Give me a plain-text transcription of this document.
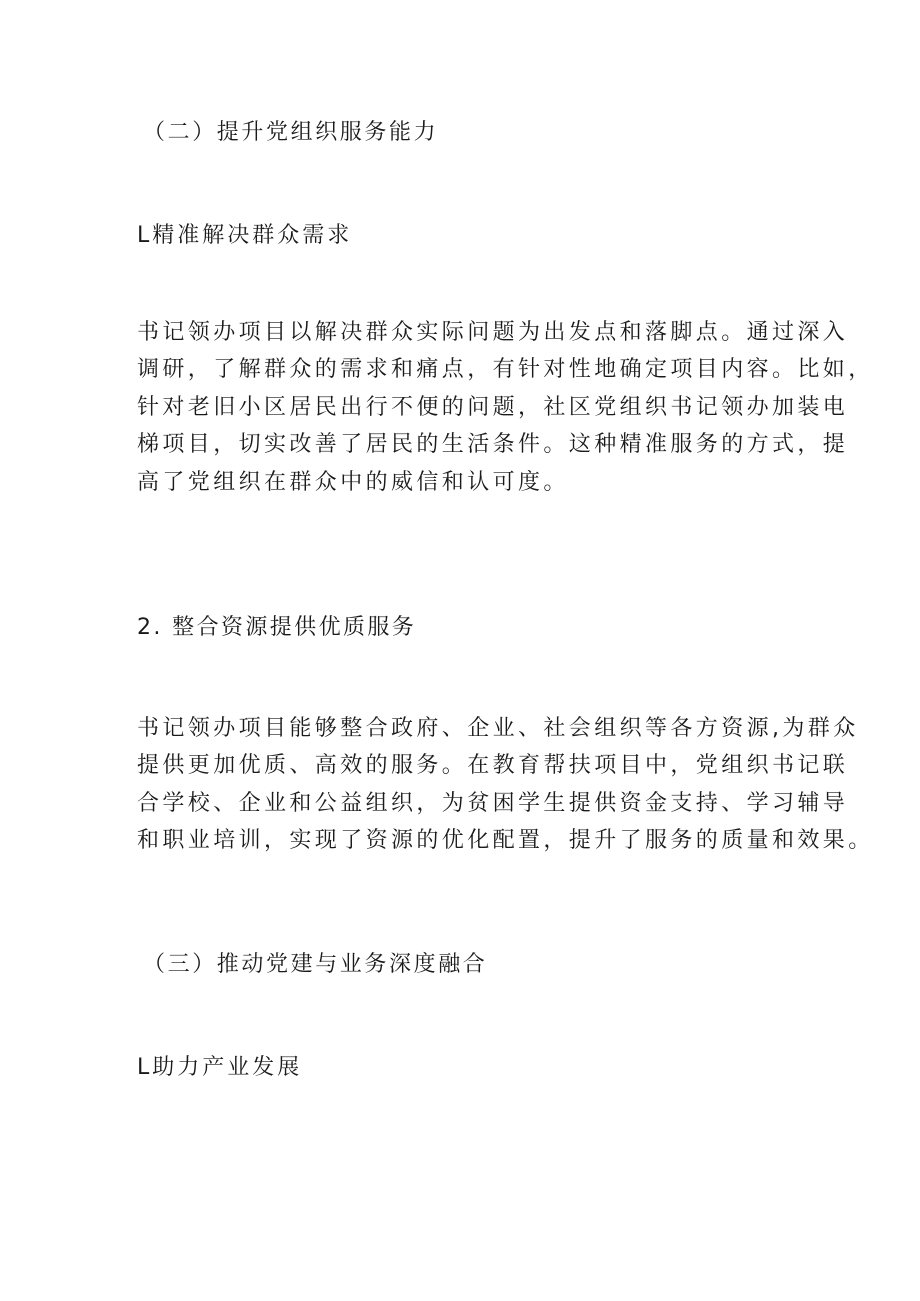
（二）提升党组织服务能力
L精准解决群众需求
书记领办项目以解决群众实际问题为出发点和落脚点。通过深入
调研，了解群众的需求和痛点，有针对性地确定项目内容。比如，
针对老旧小区居民出行不便的问题，社区党组织书记领办加装电
梯项目，切实改善了居民的生活条件。这种精准服务的方式，提
高了党组织在群众中的威信和认可度。
2. 整合资源提供优质服务
书记领办项目能够整合政府、企业、社会组织等各方资源,为群众
提供更加优质、高效的服务。在教育帮扶项目中，党组织书记联
合学校、企业和公益组织，为贫困学生提供资金支持、学习辅导
和职业培训，实现了资源的优化配置，提升了服务的质量和效果。
（三）推动党建与业务深度融合
L助力产业发展
